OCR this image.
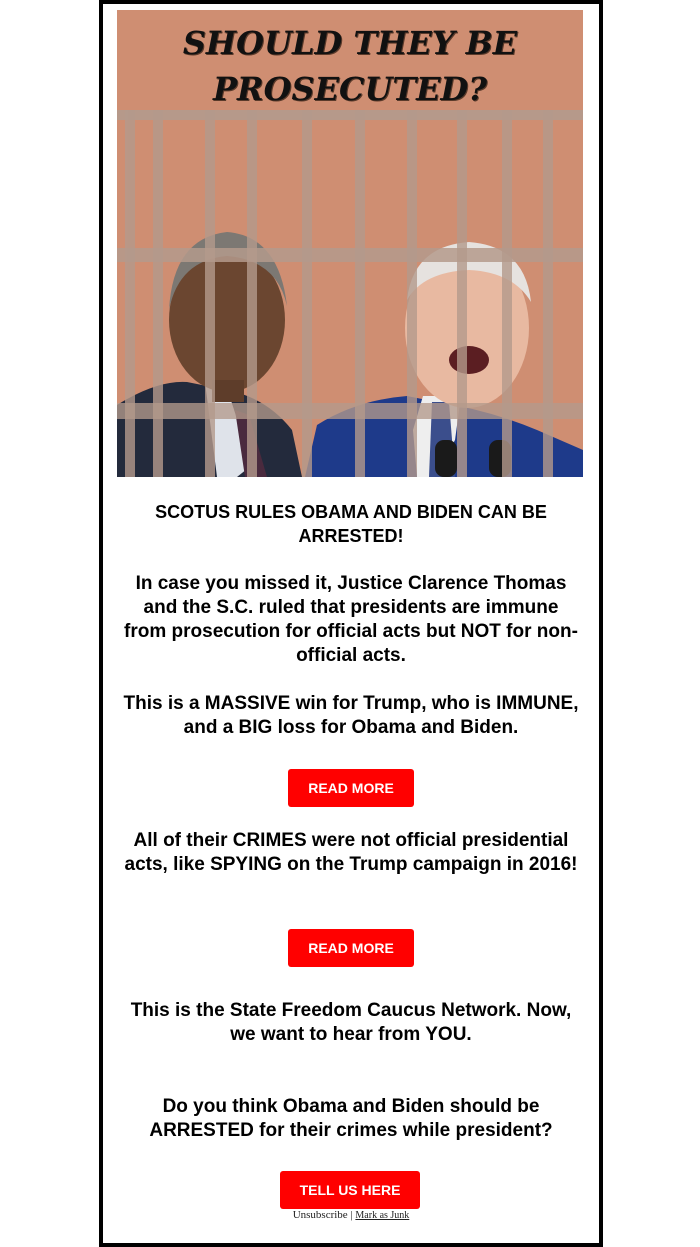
SHOULD THEY BE
PROSECUTED?
SCOTUS RULES OBAMA AND BIDEN CAN BE ARRESTED!
In case you missed it, Justice Clarence Thomas and the S.C. ruled that presidents are immune from prosecution for official acts but NOT for non-official acts.
This is a MASSIVE win for Trump, who is IMMUNE, and a BIG loss for Obama and Biden.
READ MORE
All of their CRIMES were not official presidential acts, like SPYING on the Trump campaign in 2016!
READ MORE
This is the State Freedom Caucus Network. Now, we want to hear from YOU.
Do you think Obama and Biden should be ARRESTED for their crimes while president?
TELL US HERE
Unsubscribe | Mark as Junk
